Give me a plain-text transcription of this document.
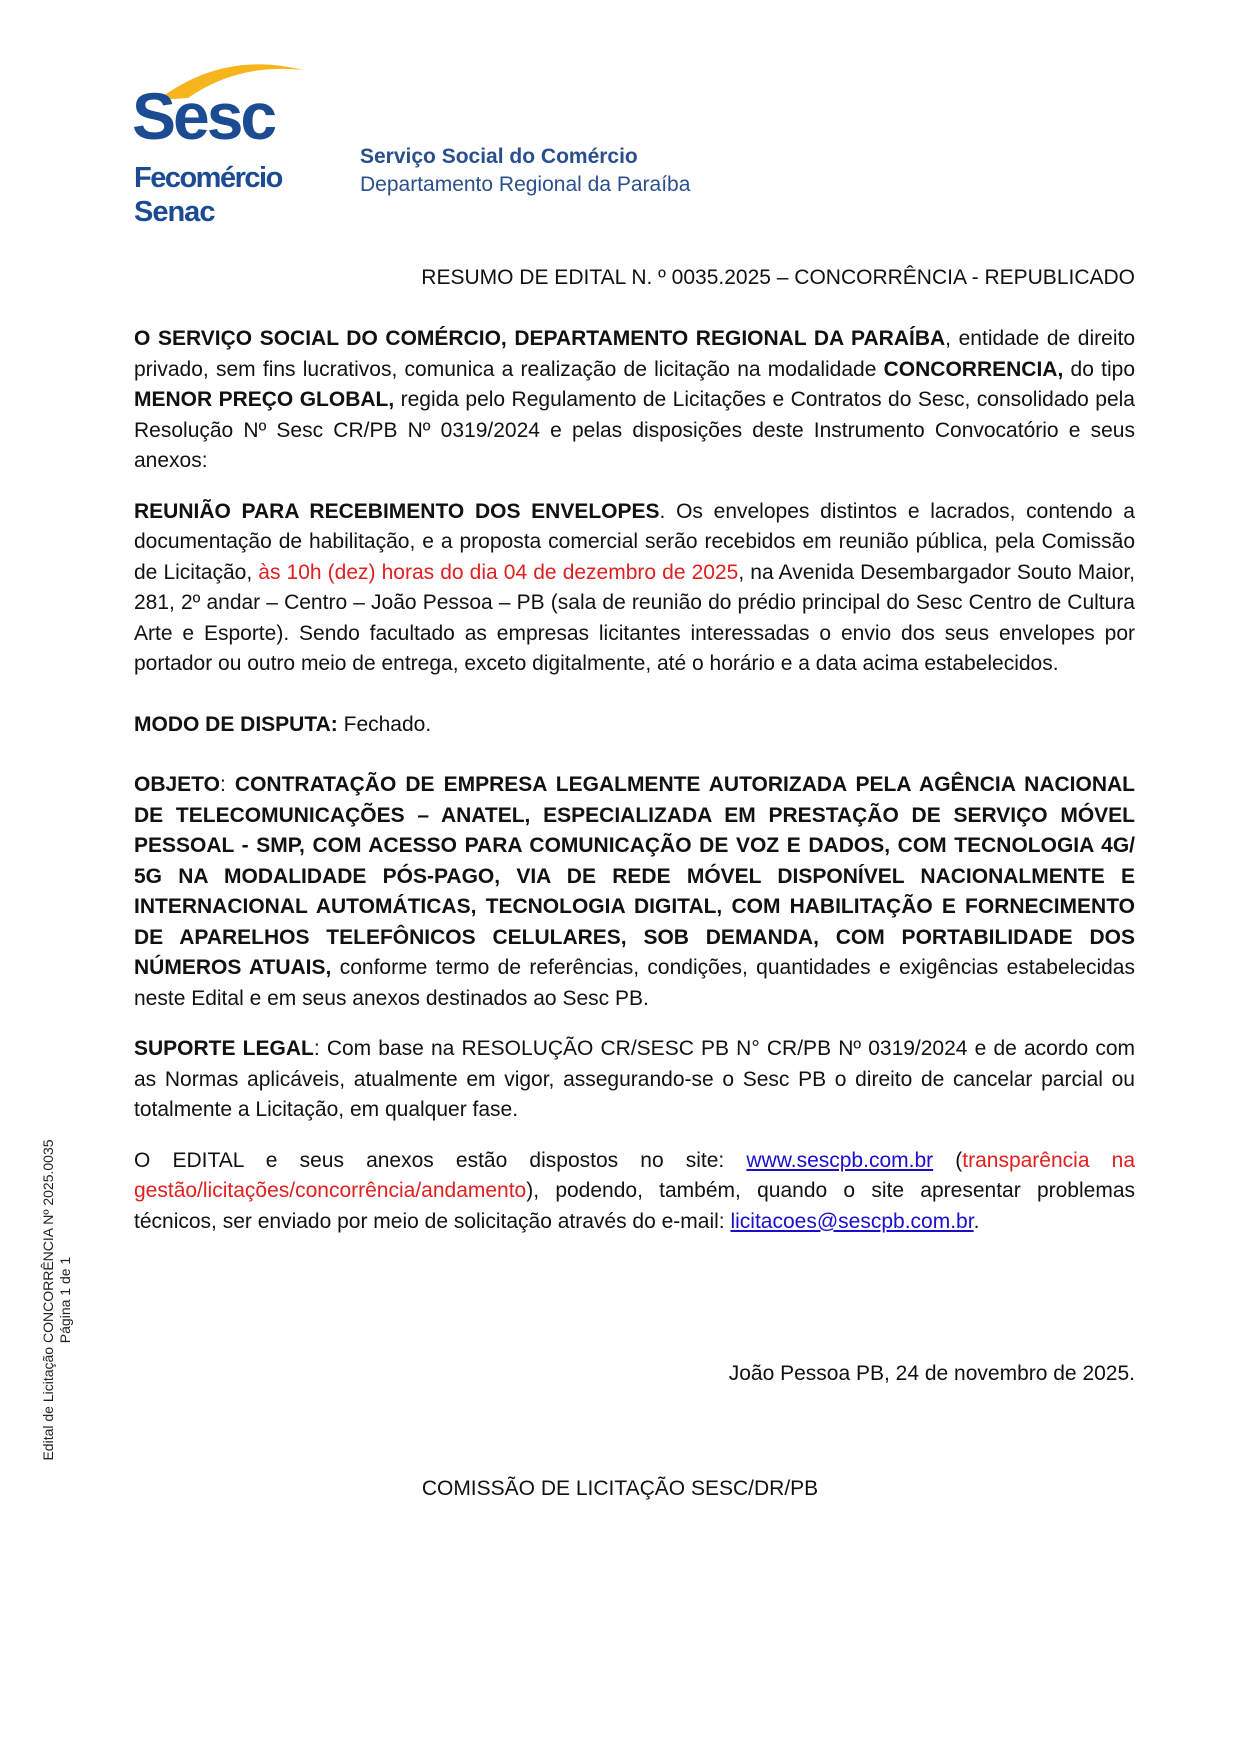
Sesc
Fecomércio
Senac
Serviço Social do Comércio
Departamento Regional da Paraíba
RESUMO DE EDITAL N. º 0035.2025 – CONCORRÊNCIA - REPUBLICADO

O SERVIÇO SOCIAL DO COMÉRCIO, DEPARTAMENTO REGIONAL DA PARAÍBA, entidade de direito privado, sem fins lucrativos, comunica a realização de licitação na modalidade CONCORRENCIA, do tipo MENOR PREÇO GLOBAL, regida pelo Regulamento de Licitações e Contratos do Sesc, consolidado pela Resolução Nº Sesc CR/PB Nº 0319/2024 e pelas disposições deste Instrumento Convocatório e seus anexos:

REUNIÃO PARA RECEBIMENTO DOS ENVELOPES. Os envelopes distintos e lacrados, contendo a documentação de habilitação, e a proposta comercial serão recebidos em reunião pública, pela Comissão de Licitação, às 10h (dez) horas do dia 04 de dezembro de 2025, na Avenida Desembargador Souto Maior, 281, 2º andar – Centro – João Pessoa – PB (sala de reunião do prédio principal do Sesc Centro de Cultura Arte e Esporte). Sendo facultado as empresas licitantes interessadas o envio dos seus envelopes por portador ou outro meio de entrega, exceto digitalmente, até o horário e a data acima estabelecidos.

MODO DE DISPUTA: Fechado.

OBJETO: CONTRATAÇÃO DE EMPRESA LEGALMENTE AUTORIZADA PELA AGÊNCIA NACIONAL DE TELECOMUNICAÇÕES – ANATEL, ESPECIALIZADA EM PRESTAÇÃO DE SERVIÇO MÓVEL PESSOAL - SMP, COM ACESSO PARA COMUNICAÇÃO DE VOZ E DADOS, COM TECNOLOGIA 4G/ 5G NA MODALIDADE PÓS-PAGO, VIA DE REDE MÓVEL DISPONÍVEL NACIONALMENTE E INTERNACIONAL AUTOMÁTICAS, TECNOLOGIA DIGITAL, COM HABILITAÇÃO E FORNECIMENTO DE APARELHOS TELEFÔNICOS CELULARES, SOB DEMANDA, COM PORTABILIDADE DOS NÚMEROS ATUAIS, conforme termo de referências, condições, quantidades e exigências estabelecidas neste Edital e em seus anexos destinados ao Sesc PB.

SUPORTE LEGAL: Com base na RESOLUÇÃO CR/SESC PB N° CR/PB Nº 0319/2024 e de acordo com as Normas aplicáveis, atualmente em vigor, assegurando-se o Sesc PB o direito de cancelar parcial ou totalmente a Licitação, em qualquer fase.

O EDITAL e seus anexos estão dispostos no site: www.sescpb.com.br (transparência na gestão/licitações/concorrência/andamento), podendo, também, quando o site apresentar problemas técnicos, ser enviado por meio de solicitação através do e-mail: licitacoes@sescpb.com.br.

João Pessoa PB, 24 de novembro de 2025.
COMISSÃO DE LICITAÇÃO SESC/DR/PB
Edital de Licitação CONCORRÊNCIA Nº 2025.0035 Página 1 de 1
